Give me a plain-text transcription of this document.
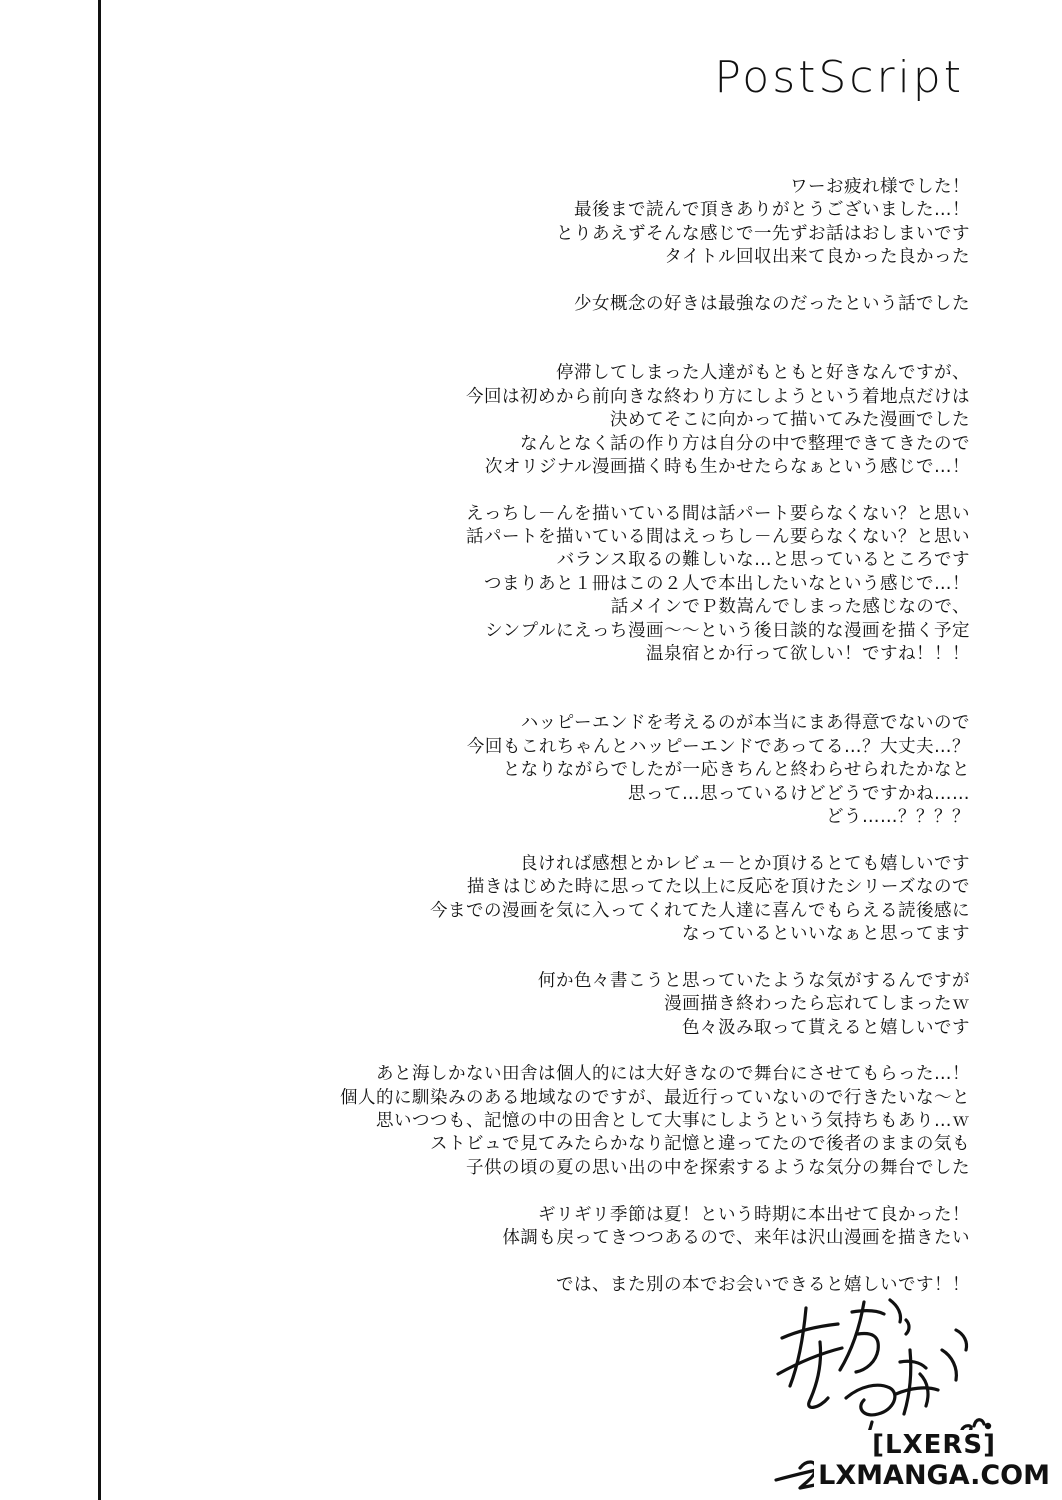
PostScript
ワーお疲れ様でした！
最後まで読んで頂きありがとうございました…！
とりあえずそんな感じで一先ずお話はおしまいです
タイトル回収出来て良かった良かった
少女概念の好きは最強なのだったという話でした
停滞してしまった人達がもともと好きなんですが、
今回は初めから前向きな終わり方にしようという着地点だけは
決めてそこに向かって描いてみた漫画でした
なんとなく話の作り方は自分の中で整理できてきたので
次オリジナル漫画描く時も生かせたらなぁという感じで…！
えっちし－んを描いている間は話パート要らなくない？と思い
話パートを描いている間はえっちし－ん要らなくない？と思い
バランス取るの難しいな…と思っているところです
つまりあと１冊はこの２人で本出したいなという感じで…！
話メインでＰ数嵩んでしまった感じなので、
シンプルにえっち漫画～～という後日談的な漫画を描く予定
温泉宿とか行って欲しい！ですね！！！
ハッピーエンドを考えるのが本当にまあ得意でないので
今回もこれちゃんとハッピーエンドであってる…？大丈夫…？
となりながらでしたが一応きちんと終わらせられたかなと
思って…思っているけどどうですかね……
どう……？？？？
良ければ感想とかレビュ－とか頂けるとても嬉しいです
描きはじめた時に思ってた以上に反応を頂けたシリーズなので
今までの漫画を気に入ってくれてた人達に喜んでもらえる読後感に
なっているといいなぁと思ってます
何か色々書こうと思っていたような気がするんですが
漫画描き終わったら忘れてしまったｗ
色々汲み取って貰えると嬉しいです
あと海しかない田舎は個人的には大好きなので舞台にさせてもらった…！
個人的に馴染みのある地域なのですが、最近行っていないので行きたいな～と
思いつつも、記憶の中の田舎として大事にしようという気持ちもあり…ｗ
ストビュで見てみたらかなり記憶と違ってたので後者のままの気も
子供の頃の夏の思い出の中を探索するような気分の舞台でした
ギリギリ季節は夏！という時期に本出せて良かった！
体調も戻ってきつつあるので、来年は沢山漫画を描きたい
では、また別の本でお会いできると嬉しいです！！
[LXERS]
LXMANGA.COM
